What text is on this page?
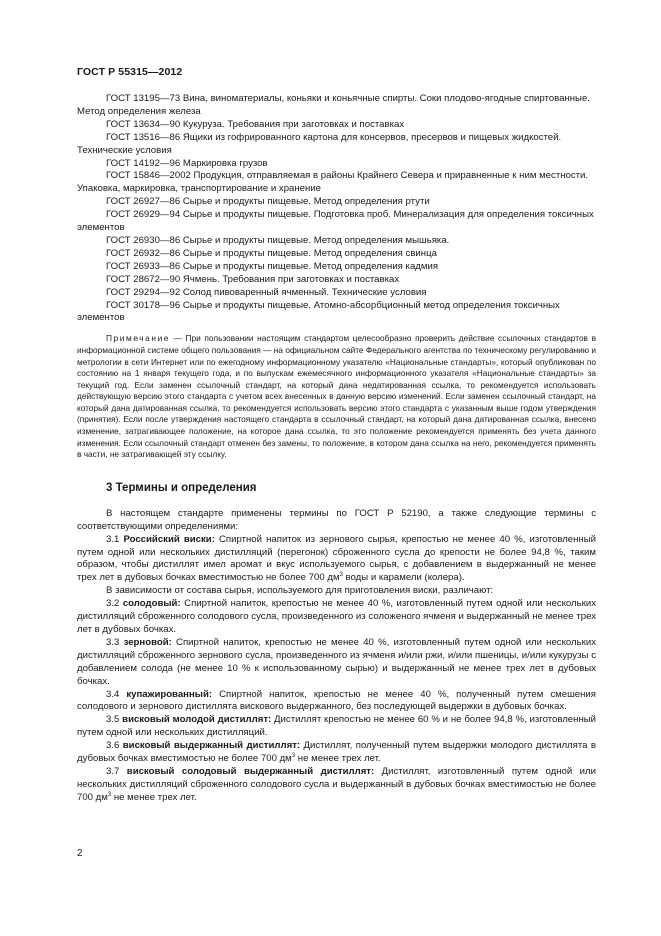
ГОСТ Р 55315—2012

ГОСТ 13195—73 Вина, виноматериалы, коньяки и коньячные спирты. Соки плодово-ягодные спиртованные. Метод определения железа

ГОСТ 13634—90 Кукуруза. Требования при заготовках и поставках

ГОСТ 13516—86 Ящики из гофрированного картона для консервов, пресервов и пищевых жидкостей. Технические условия

ГОСТ 14192—96 Маркировка грузов

ГОСТ 15846—2002 Продукция, отправляемая в районы Крайнего Севера и приравненные к ним местности. Упаковка, маркировка, транспортирование и хранение

ГОСТ 26927—86 Сырье и продукты пищевые. Метод определения ртути

ГОСТ 26929—94 Сырье и продукты пищевые. Подготовка проб. Минерализация для определения токсичных элементов

ГОСТ 26930—86 Сырье и продукты пищевые. Метод определения мышьяка.

ГОСТ 26932—86 Сырье и продукты пищевые. Метод определения свинца

ГОСТ 26933—86 Сырье и продукты пищевые. Метод определения кадмия

ГОСТ 28672—90 Ячмень. Требования при заготовках и поставках

ГОСТ 29294—92 Солод пивоваренный ячменный. Технические условия

ГОСТ 30178—96 Сырье и продукты пищевые. Атомно-абсорбционный метод определения токсичных элементов

Примечание — При пользовании настоящим стандартом целесообразно проверить действие ссылочных стандартов в информационной системе общего пользования — на официальном сайте Федерального агентства по техническому регулированию и метрологии в сети Интернет или по ежегодному информационному указателю «Национальные стандарты», который опубликован по состоянию на 1 января текущего года, и по выпускам ежемесячного информационного указателя «Национальные стандарты» за текущий год. Если заменен ссылочный стандарт, на который дана недатированная ссылка, то рекомендуется использовать действующую версию этого стандарта с учетом всех внесенных в данную версию изменений. Если заменен ссылочный стандарт, на который дана датированная ссылка, то рекомендуется использовать версию этого стандарта с указанным выше годом утверждения (принятия). Если после утверждения настоящего стандарта в ссылочный стандарт, на который дана датированная ссылка, внесено изменение, затрагивающее положение, на которое дана ссылка, то это положение рекомендуется применять без учета данного изменения. Если ссылочный стандарт отменен без замены, то положение, в котором дана ссылка на него, рекомендуется применять в части, не затрагивающей эту ссылку.

3 Термины и определения

В настоящем стандарте применены термины по ГОСТ Р 52190, а также следующие термины с соответствующими определениями:

3.1 Российский виски: Спиртной напиток из зернового сырья, крепостью не менее 40 %, изготовленный путем одной или нескольких дистилляций (перегонок) сброженного сусла до крепости не более 94,8 %, таким образом, чтобы дистиллят имел аромат и вкус используемого сырья, с добавлением в выдержанный не менее трех лет в дубовых бочках вместимостью не более 700 $дм^3$ воды и карамели (колера).

В зависимости от состава сырья, используемого для приготовления виски, различают:

3.2 солодовый: Спиртной напиток, крепостью не менее 40 %, изготовленный путем одной или нескольких дистилляций сброженного солодового сусла, произведенного из соложеного ячменя и выдержанный не менее трех лет в дубовых бочках.

3.3 зерновой: Спиртной напиток, крепостью не менее 40 %, изготовленный путем одной или нескольких дистилляций сброженного зернового сусла, произведенного из ячменя и/или ржи, и/или пшеницы, и/или кукурузы с добавлением солода (не менее 10 % к использованному сырью) и выдержанный не менее трех лет в дубовых бочках.

3.4 купажированный: Спиртной напиток, крепостью не менее 40 %, полученный путем смешения солодового и зернового дистиллята вискового выдержанного, без последующей выдержки в дубовых бочках.

3.5 висковый молодой дистиллят: Дистиллят крепостью не менее 60 % и не более 94,8 %, изготовленный путем одной или нескольких дистилляций.

3.6 висковый выдержанный дистиллят: Дистиллят, полученный путем выдержки молодого дистиллята в дубовых бочках вместимостью не более 700 $дм^3$ не менее трех лет.

3.7 висковый солодовый выдержанный дистиллят: Дистиллят, изготовленный путем одной или нескольких дистилляций сброженного солодового сусла и выдержанный в дубовых бочках вместимостью не более 700 $дм^3$ не менее трех лет.

2
